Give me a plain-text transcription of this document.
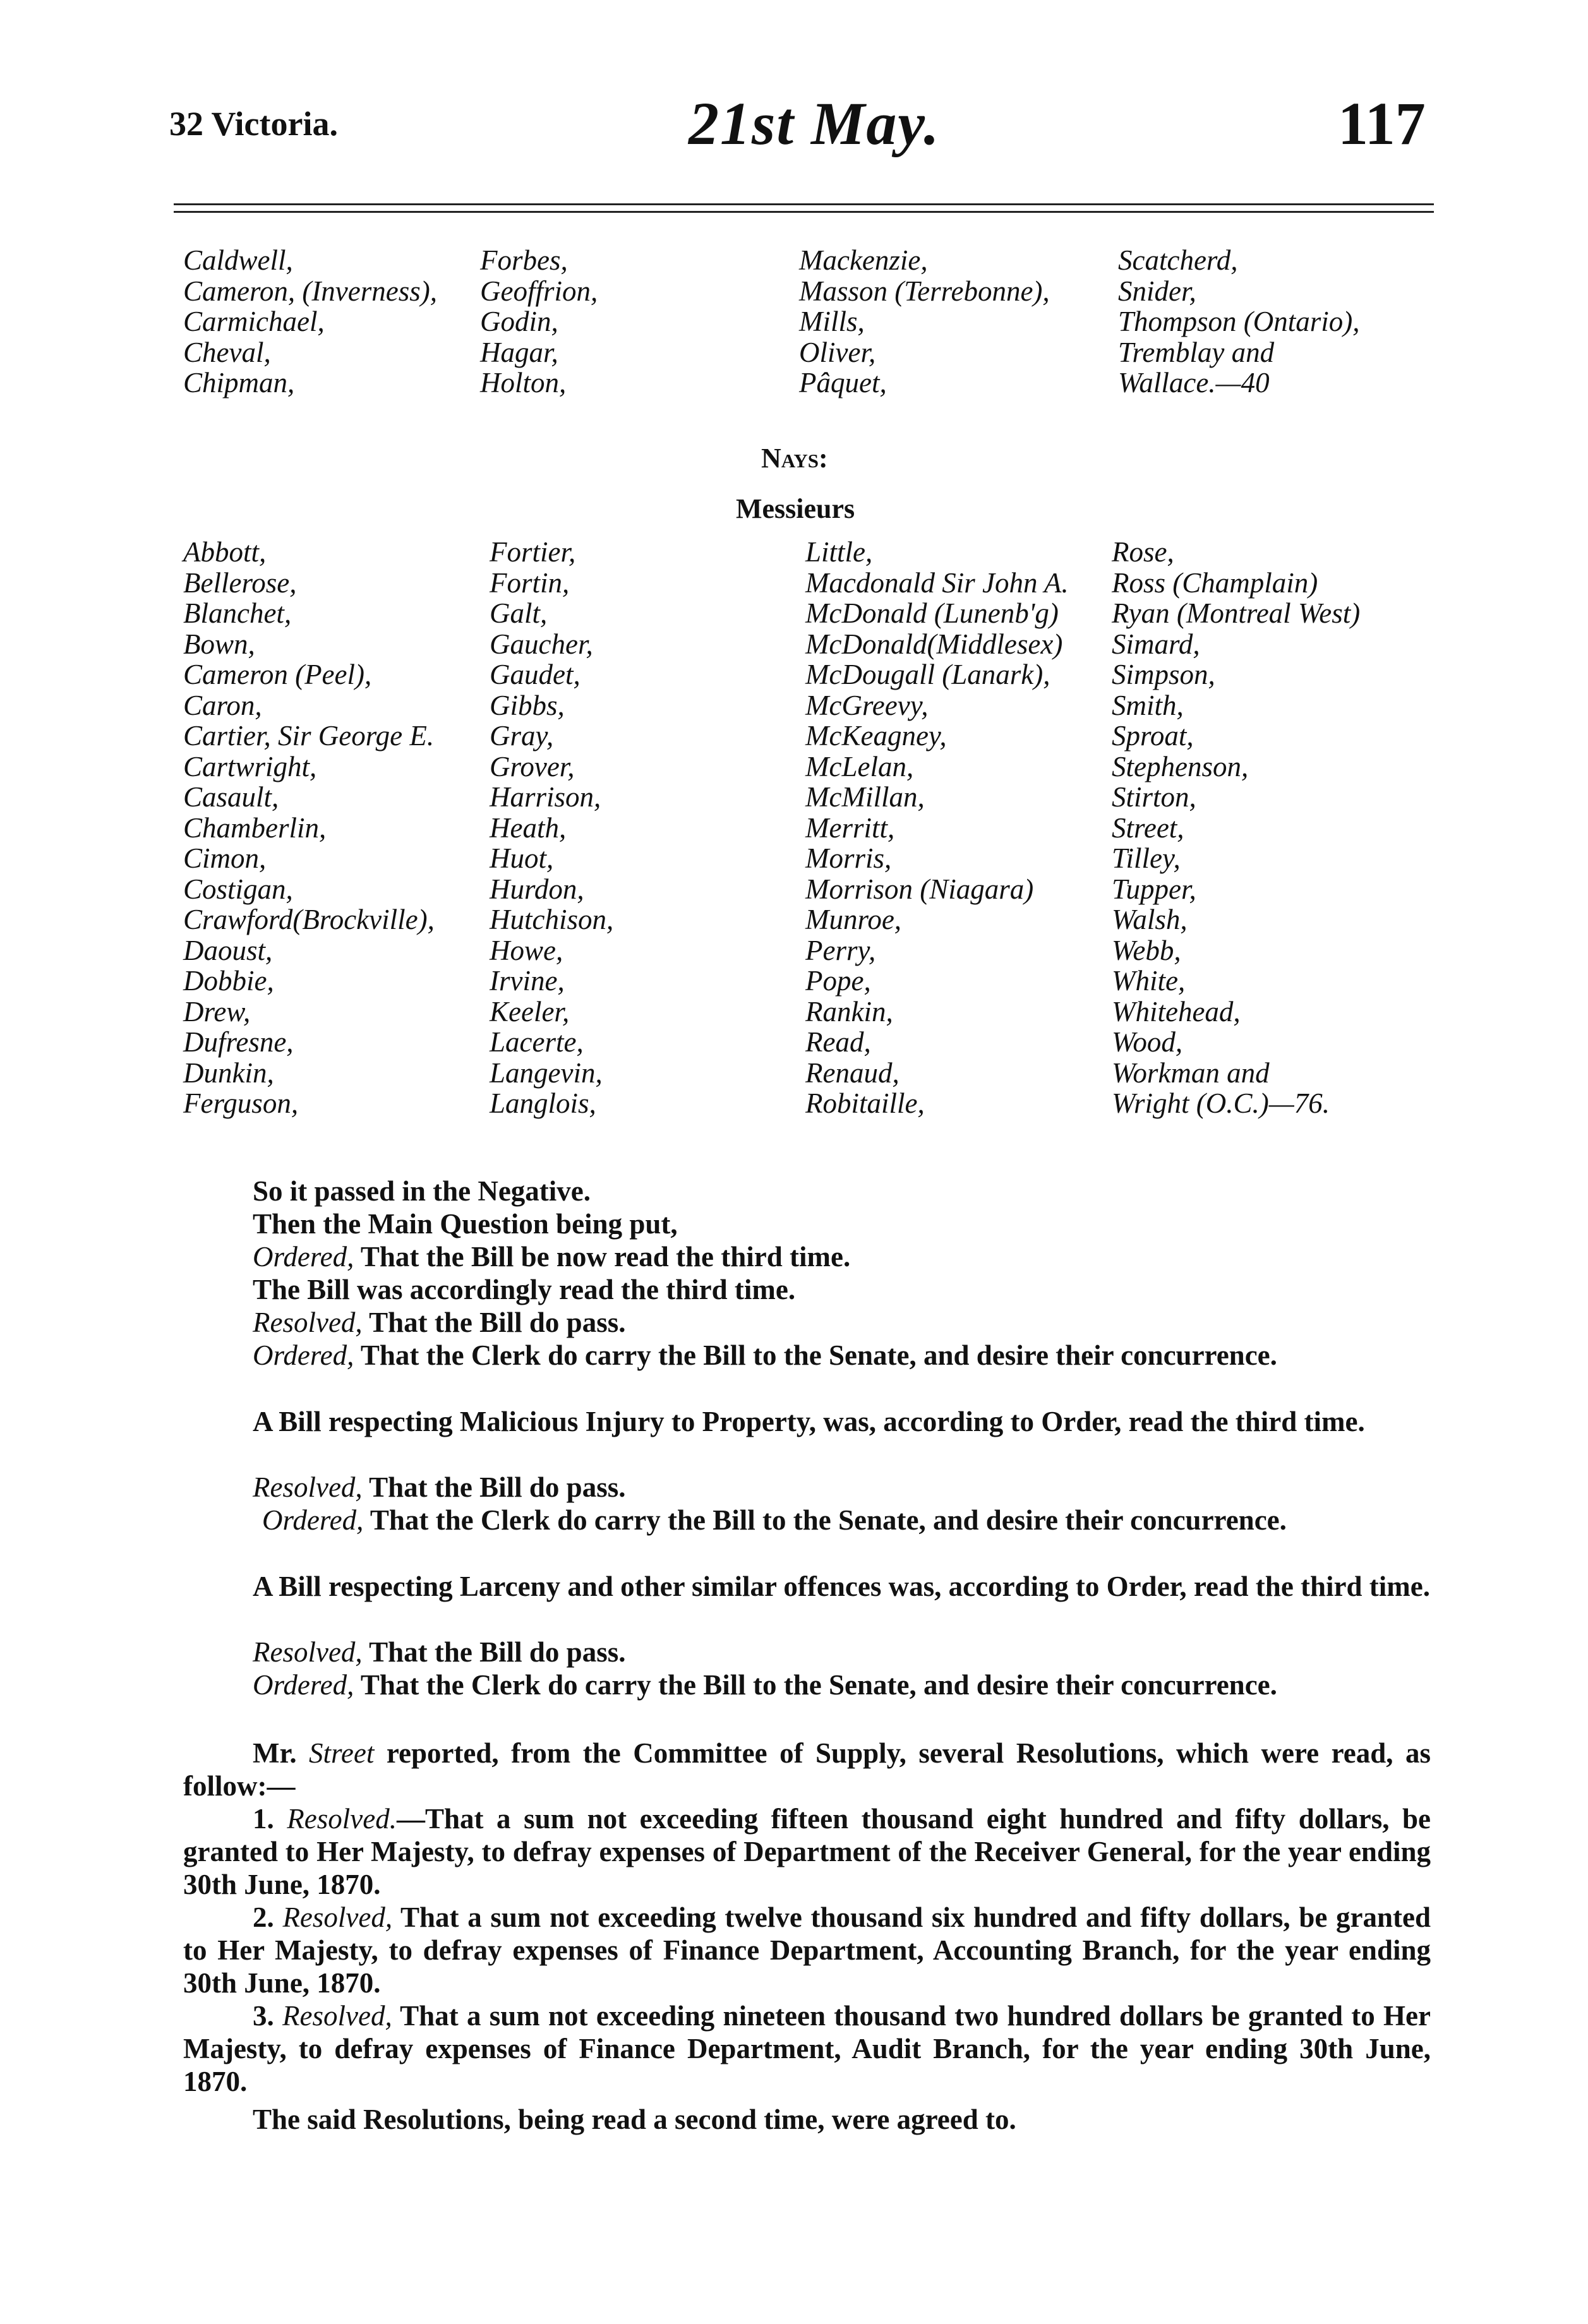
32 Victoria.	21st May.	117
Caldwell,
Cameron, (Inverness),
Carmichael,
Cheval,
Chipman,
Forbes,
Geoffrion,
Godin,
Hagar,
Holton,
Mackenzie,
Masson (Terrebonne),
Mills,
Oliver,
Pâquet,
Scatcherd,
Snider,
Thompson (Ontario),
Tremblay and
Wallace.—40
Nays:
Messieurs
Abbott,
Bellerose,
Blanchet,
Bown,
Cameron (Peel),
Caron,
Cartier, Sir George E.
Cartwright,
Casault,
Chamberlin,
Cimon,
Costigan,
Crawford(Brockville),
Daoust,
Dobbie,
Drew,
Dufresne,
Dunkin,
Ferguson,
Fortier,
Fortin,
Galt,
Gaucher,
Gaudet,
Gibbs,
Gray,
Grover,
Harrison,
Heath,
Huot,
Hurdon,
Hutchison,
Howe,
Irvine,
Keeler,
Lacerte,
Langevin,
Langlois,
Little,
Macdonald Sir John A.
McDonald (Lunenb'g)
McDonald(Middlesex)
McDougall (Lanark),
McGreevy,
McKeagney,
McLelan,
McMillan,
Merritt,
Morris,
Morrison (Niagara)
Munroe,
Perry,
Pope,
Rankin,
Read,
Renaud,
Robitaille,
Rose,
Ross (Champlain)
Ryan (Montreal West)
Simard,
Simpson,
Smith,
Sproat,
Stephenson,
Stirton,
Street,
Tilley,
Tupper,
Walsh,
Webb,
White,
Whitehead,
Wood,
Workman and
Wright (O.C.)—76.
So it passed in the Negative.
Then the Main Question being put,
Ordered, That the Bill be now read the third time.
The Bill was accordingly read the third time.
Resolved, That the Bill do pass.
Ordered, That the Clerk do carry the Bill to the Senate, and desire their concurrence.
A Bill respecting Malicious Injury to Property, was, according to Order, read the third time.
Resolved, That the Bill do pass.
Ordered, That the Clerk do carry the Bill to the Senate, and desire their concurrence.
A Bill respecting Larceny and other similar offences was, according to Order, read the third time.
Resolved, That the Bill do pass.
Ordered, That the Clerk do carry the Bill to the Senate, and desire their concurrence.
Mr. Street reported, from the Committee of Supply, several Resolutions, which were read, as follow:—
1. Resolved.—That a sum not exceeding fifteen thousand eight hundred and fifty dollars, be granted to Her Majesty, to defray expenses of Department of the Receiver General, for the year ending 30th June, 1870.
2. Resolved, That a sum not exceeding twelve thousand six hundred and fifty dollars, be granted to Her Majesty, to defray expenses of Finance Department, Accounting Branch, for the year ending 30th June, 1870.
3. Resolved, That a sum not exceeding nineteen thousand two hundred dollars be granted to Her Majesty, to defray expenses of Finance Department, Audit Branch, for the year ending 30th June, 1870.
The said Resolutions, being read a second time, were agreed to.
